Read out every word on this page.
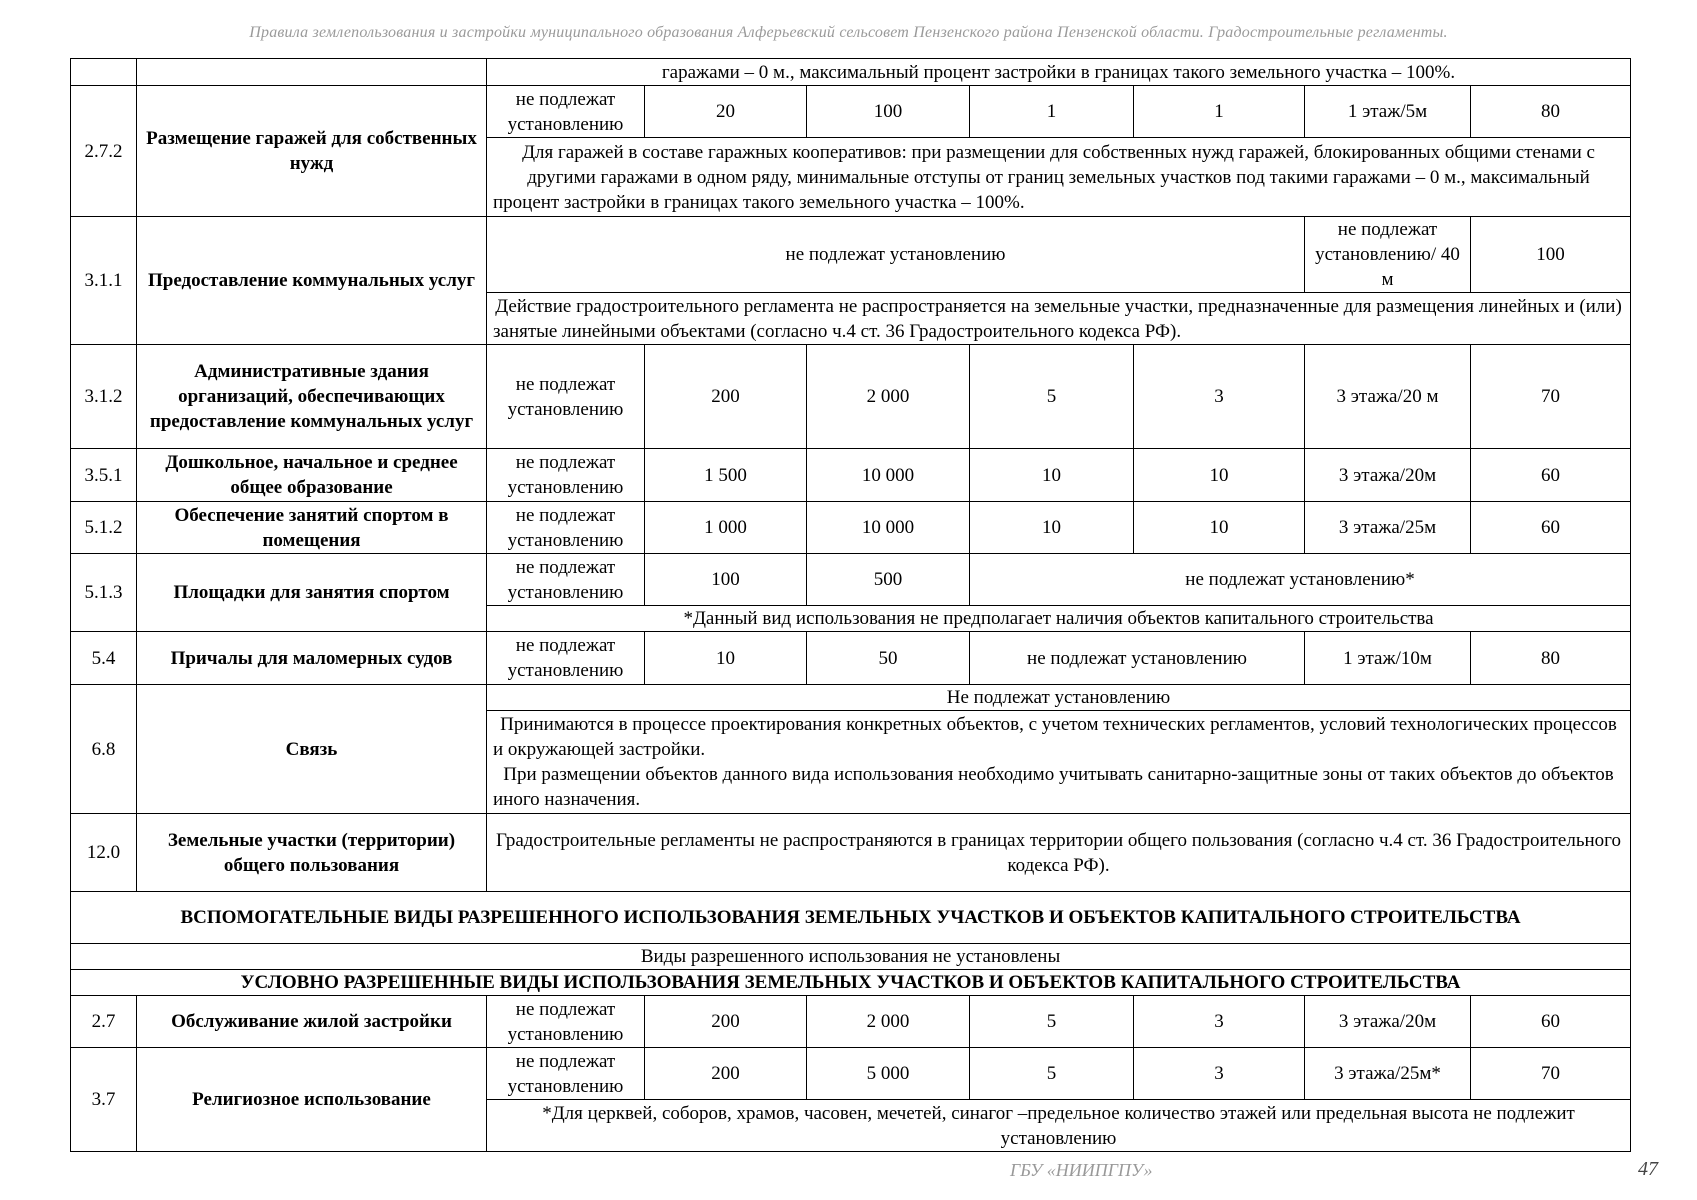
Правила землепользования и застройки муниципального образования Алферьевский сельсовет Пензенского района Пензенской области. Градостроительные регламенты.
		гаражами – 0 м., максимальный процент застройки в границах такого земельного участка – 100%.						
2.7.2	Размещение гаражей для собственных нужд	не подлежат установлению	20	100	1	1	1 этаж/5м	80
		Для гаражей в составе гаражных кооперативов: при размещении для собственных нужд гаражей, блокированных общими стенами с другими гаражами в одном ряду, минимальные отступы от границ земельных участков под такими гаражами – 0 м., максимальный процент застройки в границах такого земельного участка – 100%.						
3.1.1	Предоставление коммунальных услуг	не подлежат установлению					не подлежат установлению/ 40 м	100
		Действие градостроительного регламента не распространяется на земельные участки, предназначенные для размещения линейных и (или) занятые линейными объектами (согласно ч.4 ст. 36 Градостроительного кодекса РФ).						
3.1.2	Административные здания организаций, обеспечивающих предоставление коммунальных услуг	не подлежат установлению	200	2 000	5	3	3 этажа/20 м	70
3.5.1	Дошкольное, начальное и среднее общее образование	не подлежат установлению	1 500	10 000	10	10	3 этажа/20м	60
5.1.2	Обеспечение занятий спортом в помещения	не подлежат установлению	1 000	10 000	10	10	3 этажа/25м	60
5.1.3	Площадки для занятия спортом	не подлежат установлению	100	500	не подлежат установлению*			
		*Данный вид использования не предполагает наличия объектов капитального строительства						
5.4	Причалы для маломерных судов	не подлежат установлению	10	50	не подлежат установлению		1 этаж/10м	80
6.8	Связь	Не подлежат установлению						

		Принимаются в процессе проектирования конкретных объектов, с учетом технических регламентов, условий технологических процессов и окружающей застройки.
При размещении объектов данного вида использования необходимо учитывать санитарно-защитные зоны от таких объектов до объектов иного назначения.						

12.0	Земельные участки (территории) общего пользования	Градостроительные регламенты не распространяются в границах территории общего пользования (согласно ч.4 ст. 36 Градостроительного кодекса РФ).						
ВСПОМОГАТЕЛЬНЫЕ ВИДЫ РАЗРЕШЕННОГО ИСПОЛЬЗОВАНИЯ ЗЕМЕЛЬНЫХ УЧАСТКОВ И ОБЪЕКТОВ КАПИТАЛЬНОГО СТРОИТЕЛЬСТВА								
Виды разрешенного использования не установлены								
УСЛОВНО РАЗРЕШЕННЫЕ ВИДЫ ИСПОЛЬЗОВАНИЯ ЗЕМЕЛЬНЫХ УЧАСТКОВ И ОБЪЕКТОВ КАПИТАЛЬНОГО СТРОИТЕЛЬСТВА								
2.7	Обслуживание жилой застройки	не подлежат установлению	200	2 000	5	3	3 этажа/20м	60
3.7	Религиозное использование	не подлежат установлению	200	5 000	5	3	3 этажа/25м*	70
		*Для церквей, соборов, храмов, часовен, мечетей, синагог –предельное количество этажей или предельная высота не подлежит установлению						
ГБУ «НИИПГПУ»	47
